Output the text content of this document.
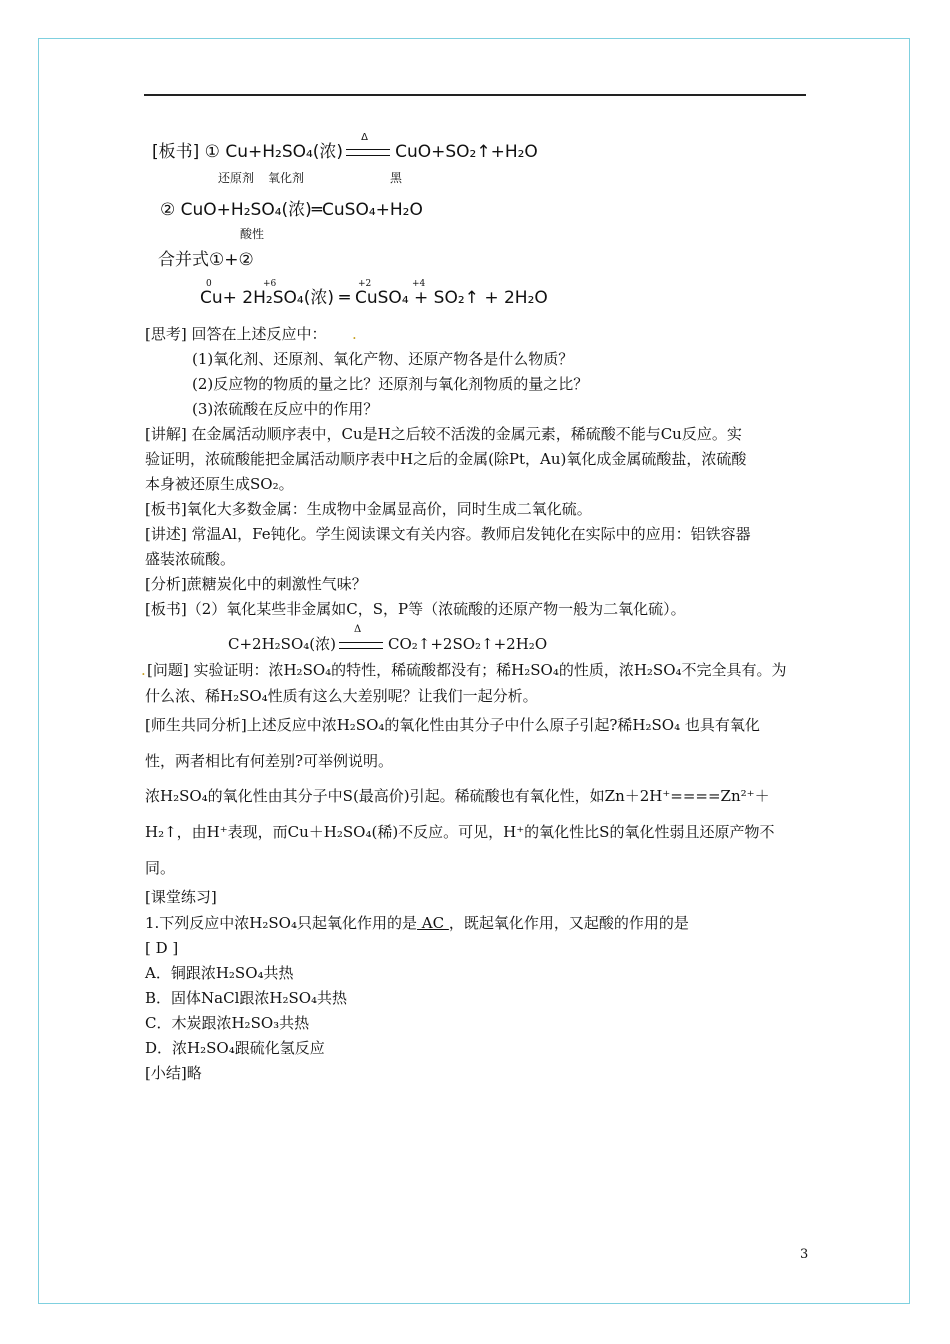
[板书] ① Cu+H₂SO₄(浓)
Δ
CuO+SO₂↑+H₂O
还原剂 氧化剂	黑
② CuO+H₂SO₄(浓)═CuSO₄+H₂O
酸性
合并式①+②
0	+6	+2	+4
Cu+ 2H₂SO₄(浓) ═ CuSO₄ + SO₂↑ + 2H₂O
[思考] 回答在上述反应中： .
(1)氧化剂、还原剂、氧化产物、还原产物各是什么物质？
(2)反应物的物质的量之比？还原剂与氧化剂物质的量之比？
(3)浓硫酸在反应中的作用？
[讲解] 在金属活动顺序表中，Cu是H之后较不活泼的金属元素，稀硫酸不能与Cu反应。实
验证明，浓硫酸能把金属活动顺序表中H之后的金属(除Pt，Au)氧化成金属硫酸盐，浓硫酸
本身被还原生成SO₂。
[板书]氧化大多数金属：生成物中金属显高价，同时生成二氧化硫。
[讲述] 常温Al，Fe钝化。学生阅读课文有关内容。教师启发钝化在实际中的应用：铝铁容器
盛装浓硫酸。
[分析]蔗糖炭化中的刺激性气味？
[板书]（2）氧化某些非金属如C，S，P等（浓硫酸的还原产物一般为二氧化硫）。
C+2H₂SO₄(浓)
Δ
CO₂↑+2SO₂↑+2H₂O
. [问题] 实验证明：浓H₂SO₄的特性，稀硫酸都没有；稀H₂SO₄的性质，浓H₂SO₄不完全具有。为
什么浓、稀H₂SO₄性质有这么大差别呢？让我们一起分析。
[师生共同分析]上述反应中浓H₂SO₄的氧化性由其分子中什么原子引起?稀H₂SO₄ 也具有氧化
性，两者相比有何差别?可举例说明。
浓H₂SO₄的氧化性由其分子中S(最高价)引起。稀硫酸也有氧化性，如Zn＋2H⁺====Zn²⁺＋
H₂↑，由H⁺表现，而Cu＋H₂SO₄(稀)不反应。可见，H⁺的氧化性比S的氧化性弱且还原产物不
同。
[课堂练习]
1.下列反应中浓H₂SO₄只起氧化作用的是 AC ，既起氧化作用，又起酸的作用的是
[ D ]
A．铜跟浓H₂SO₄共热
B．固体NaCl跟浓H₂SO₄共热
C．木炭跟浓H₂SO₃共热
D．浓H₂SO₄跟硫化氢反应
[小结]略
3
